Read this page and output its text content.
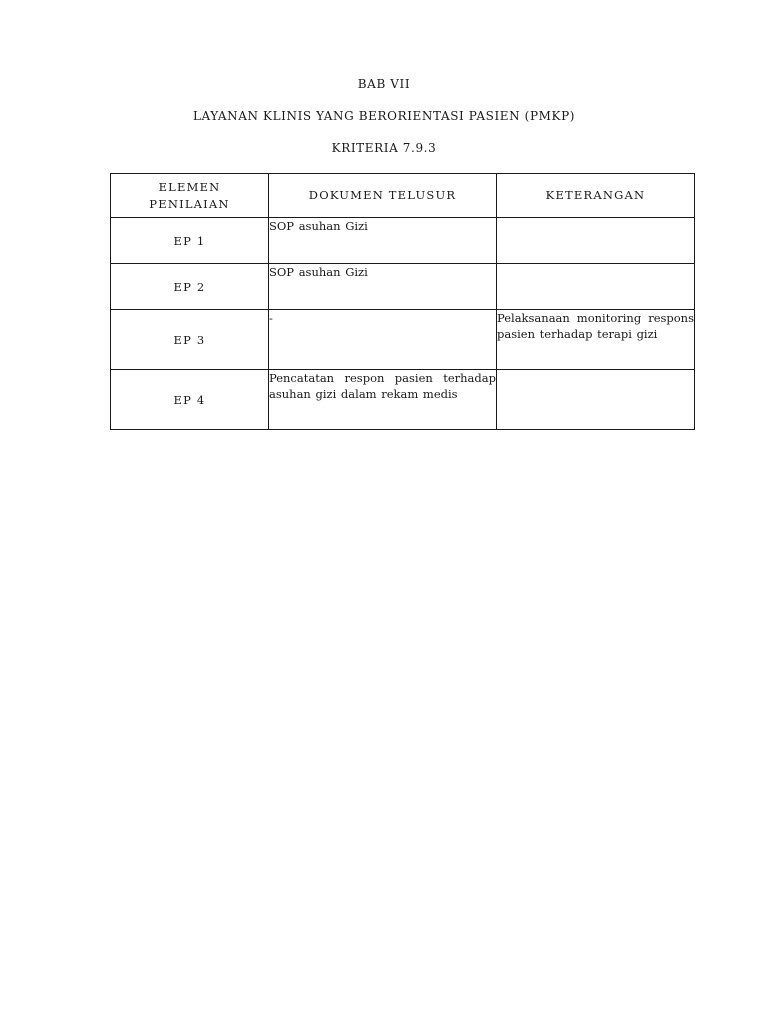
BAB VII
LAYANAN KLINIS YANG BERORIENTASI PASIEN (PMKP)
KRITERIA 7.9.3
ELEMEN
PENILAIAN	DOKUMEN TELUSUR	KETERANGAN
EP 1	SOP asuhan Gizi	
EP 2	SOP asuhan Gizi	
EP 3	-	Pelaksanaan monitoring respons pasien terhadap terapi gizi
EP 4	Pencatatan respon pasien terhadap asuhan gizi dalam rekam medis	
